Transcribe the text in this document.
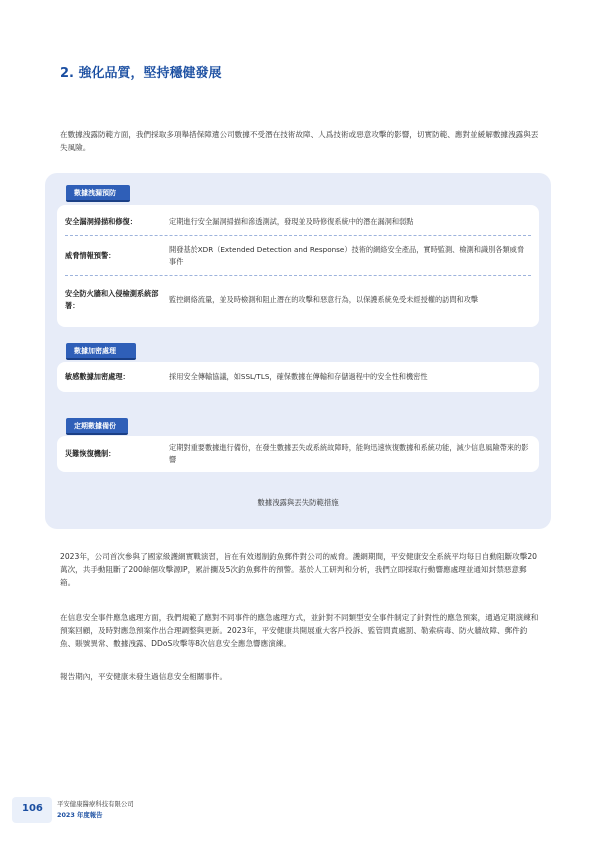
2. 強化品質，堅持穩健發展
在數據洩露防範方面，我們採取多項舉措保障遺公司數據不受潛在技術故障、人爲技術或惡意攻擊的影響，切實防範、應對並緩解數據洩露與丟失風險。
數據洩漏預防
安全漏洞掃描和修復：	定期進行安全漏洞掃描和滲透測試，發現並及時修復系統中的潛在漏洞和弱點
威脅情報預警：
開發基於XDR（Extended Detection and Response）技術的網絡安全產品，實時監測、檢測和識別各類威脅事件
安全防火牆和入侵檢測系統部署：
監控網絡流量，並及時檢測和阻止潛在的攻擊和惡意行為，以保護系統免受未經授權的訪問和攻擊
數據加密處理
敏感數據加密處理：	採用安全傳輸協議，如SSL/TLS，確保數據在傳輸和存儲過程中的安全性和機密性
定期數據備份
災難恢復機制：
定期對重要數據進行備份，在發生數據丟失或系統故障時，能夠迅速恢復數據和系統功能，減少信息風險帶來的影響
數據洩露與丟失防範措施
2023年，公司首次參與了國家級護網實戰演習，旨在有效遏制釣魚郵件對公司的威脅。護網期間，平安健康安全系統平均每日自動阻斷攻擊20萬次，共手動阻斷了200餘個攻擊源IP，累計攔及5次釣魚郵件的預警。基於人工研判和分析，我們立即採取行動響應處理並通知封禁惡意郵箱。
在信息安全事件應急處理方面，我們規範了應對不同事件的應急處理方式，並針對不同類型安全事件制定了針對性的應急預案，通過定期演練和預案回顧，及時對應急預案作出合理調整與更新。2023年，平安健康共開展重大客戶投訴、監管問責處罰、勒索病毒、防火牆故障、郵件釣魚、賬號異常、數據洩露、DDoS攻擊等8次信息安全應急響應演練。
報告期內，平安健康未發生過信息安全相關事件。
106 平安健康醫療科技有限公司
2023 年度報告
